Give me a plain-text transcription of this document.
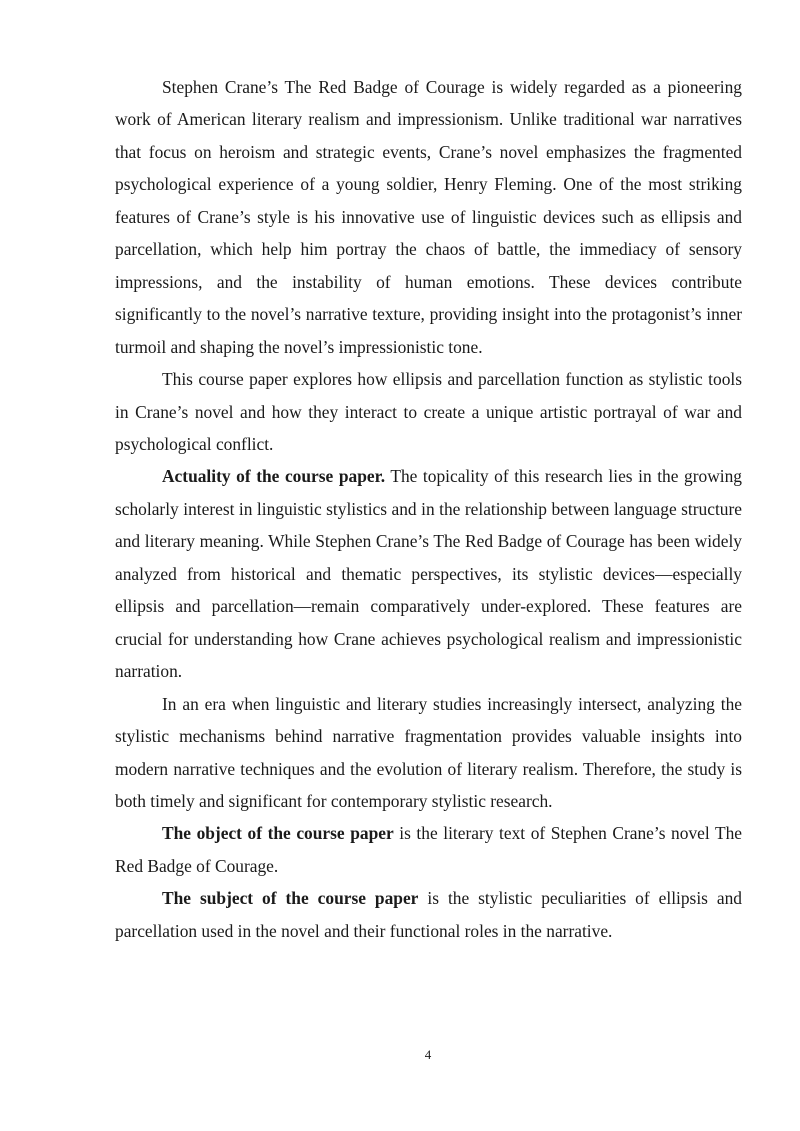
Stephen Crane’s The Red Badge of Courage is widely regarded as a pioneering work of American literary realism and impressionism. Unlike traditional war narratives that focus on heroism and strategic events, Crane’s novel emphasizes the fragmented psychological experience of a young soldier, Henry Fleming. One of the most striking features of Crane’s style is his innovative use of linguistic devices such as ellipsis and parcellation, which help him portray the chaos of battle, the immediacy of sensory impressions, and the instability of human emotions. These devices contribute significantly to the novel’s narrative texture, providing insight into the protagonist’s inner turmoil and shaping the novel’s impressionistic tone.

This course paper explores how ellipsis and parcellation function as stylistic tools in Crane’s novel and how they interact to create a unique artistic portrayal of war and psychological conflict.

Actuality of the course paper. The topicality of this research lies in the growing scholarly interest in linguistic stylistics and in the relationship between language structure and literary meaning. While Stephen Crane’s The Red Badge of Courage has been widely analyzed from historical and thematic perspectives, its stylistic devices—especially ellipsis and parcellation—remain comparatively under-explored. These features are crucial for understanding how Crane achieves psychological realism and impressionistic narration.

In an era when linguistic and literary studies increasingly intersect, analyzing the stylistic mechanisms behind narrative fragmentation provides valuable insights into modern narrative techniques and the evolution of literary realism. Therefore, the study is both timely and significant for contemporary stylistic research.

The object of the course paper is the literary text of Stephen Crane’s novel The Red Badge of Courage.

The subject of the course paper is the stylistic peculiarities of ellipsis and parcellation used in the novel and their functional roles in the narrative.

4
